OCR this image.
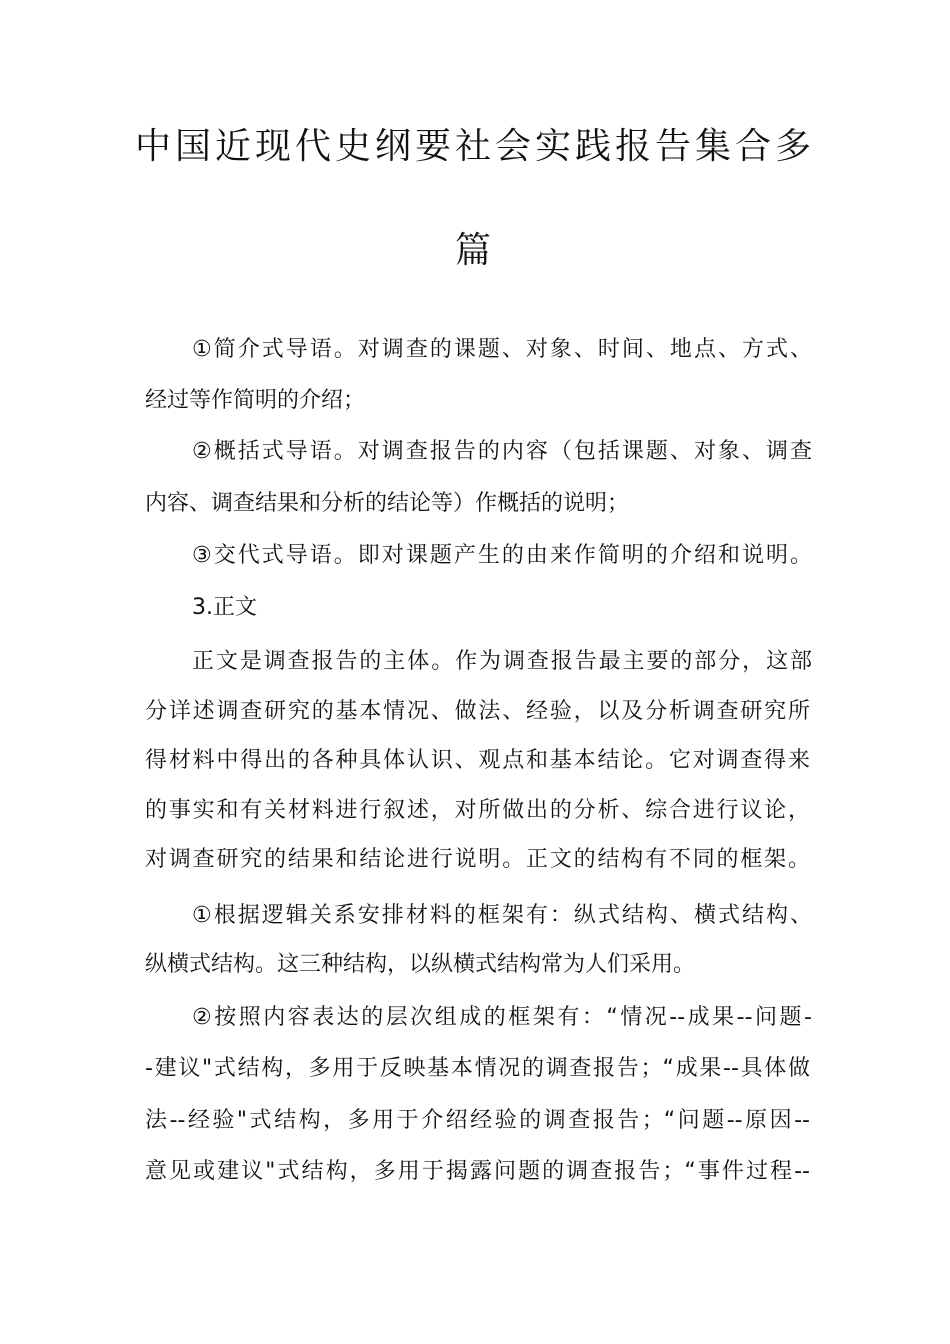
中国近现代史纲要社会实践报告集合多
篇

①简介式导语。对调查的课题、对象、时间、地点、方式、

经过等作简明的介绍；

②概括式导语。对调查报告的内容（包括课题、对象、调查

内容、调查结果和分析的结论等）作概括的说明；

③交代式导语。即对课题产生的由来作简明的介绍和说明。

3.正文

正文是调查报告的主体。作为调查报告最主要的部分，这部

分详述调查研究的基本情况、做法、经验，以及分析调查研究所

得材料中得出的各种具体认识、观点和基本结论。它对调查得来

的事实和有关材料进行叙述，对所做出的分析、综合进行议论，

对调查研究的结果和结论进行说明。正文的结构有不同的框架。

①根据逻辑关系安排材料的框架有：纵式结构、横式结构、

纵横式结构。这三种结构，以纵横式结构常为人们采用。

②按照内容表达的层次组成的框架有：“情况--成果--问题-

-建议"式结构，多用于反映基本情况的调查报告；“成果--具体做

法--经验"式结构，多用于介绍经验的调查报告；“问题--原因--

意见或建议"式结构，多用于揭露问题的调查报告；“事件过程--
